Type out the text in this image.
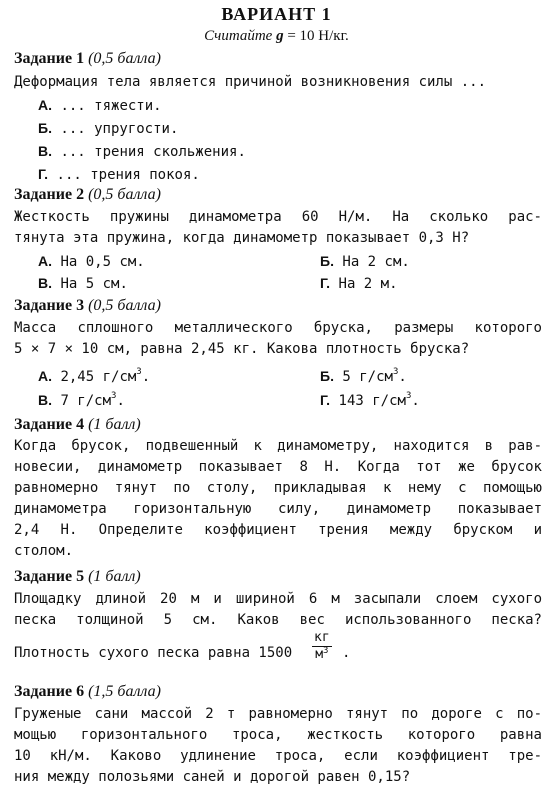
ВАРИАНТ 1
Считайте g = 10 Н/кг.
Задание 1 (0,5 балла)
Деформация тела является причиной возникновения силы ...
А. ... тяжести.
Б. ... упругости.
В. ... трения скольжения.
Г. ... трения покоя.
Задание 2 (0,5 балла)
Жесткость пружины динамометра 60 Н/м. На сколько рас-
тянута эта пружина, когда динамометр показывает 0,3 Н?
А. На 0,5 см.	Б. На 2 см.
В. На 5 см.	Г. На 2 м.
Задание 3 (0,5 балла)
Масса сплошного металлического бруска, размеры которого
5 × 7 × 10 см, равна 2,45 кг. Какова плотность бруска?
А. 2,45 $г/см^3$.	Б. 5 $г/см^3$.
В. 7 $г/см^3$.	Г. 143 $г/см^3$.
Задание 4 (1 балл)
Когда брусок, подвешенный к динамометру, находится в рав-
новесии, динамометр показывает 8 Н. Когда тот же брусок
равномерно тянут по столу, прикладывая к нему с помощью
динамометра горизонтальную силу, динамометр показывает
2,4 Н. Определите коэффициент трения между бруском и
столом.
Задание 5 (1 балл)
Площадку длиной 20 м и шириной 6 м засыпали слоем сухого
песка толщиной 5 см. Каков вес использованного песка?
Плотность сухого песка равна 1500
кг
$м^3$ .
Задание 6 (1,5 балла)
Груженые сани массой 2 т равномерно тянут по дороге с по-
мощью горизонтального троса, жесткость которого равна
10 кН/м. Каково удлинение троса, если коэффициент тре-
ния между полозьями саней и дорогой равен 0,15?
